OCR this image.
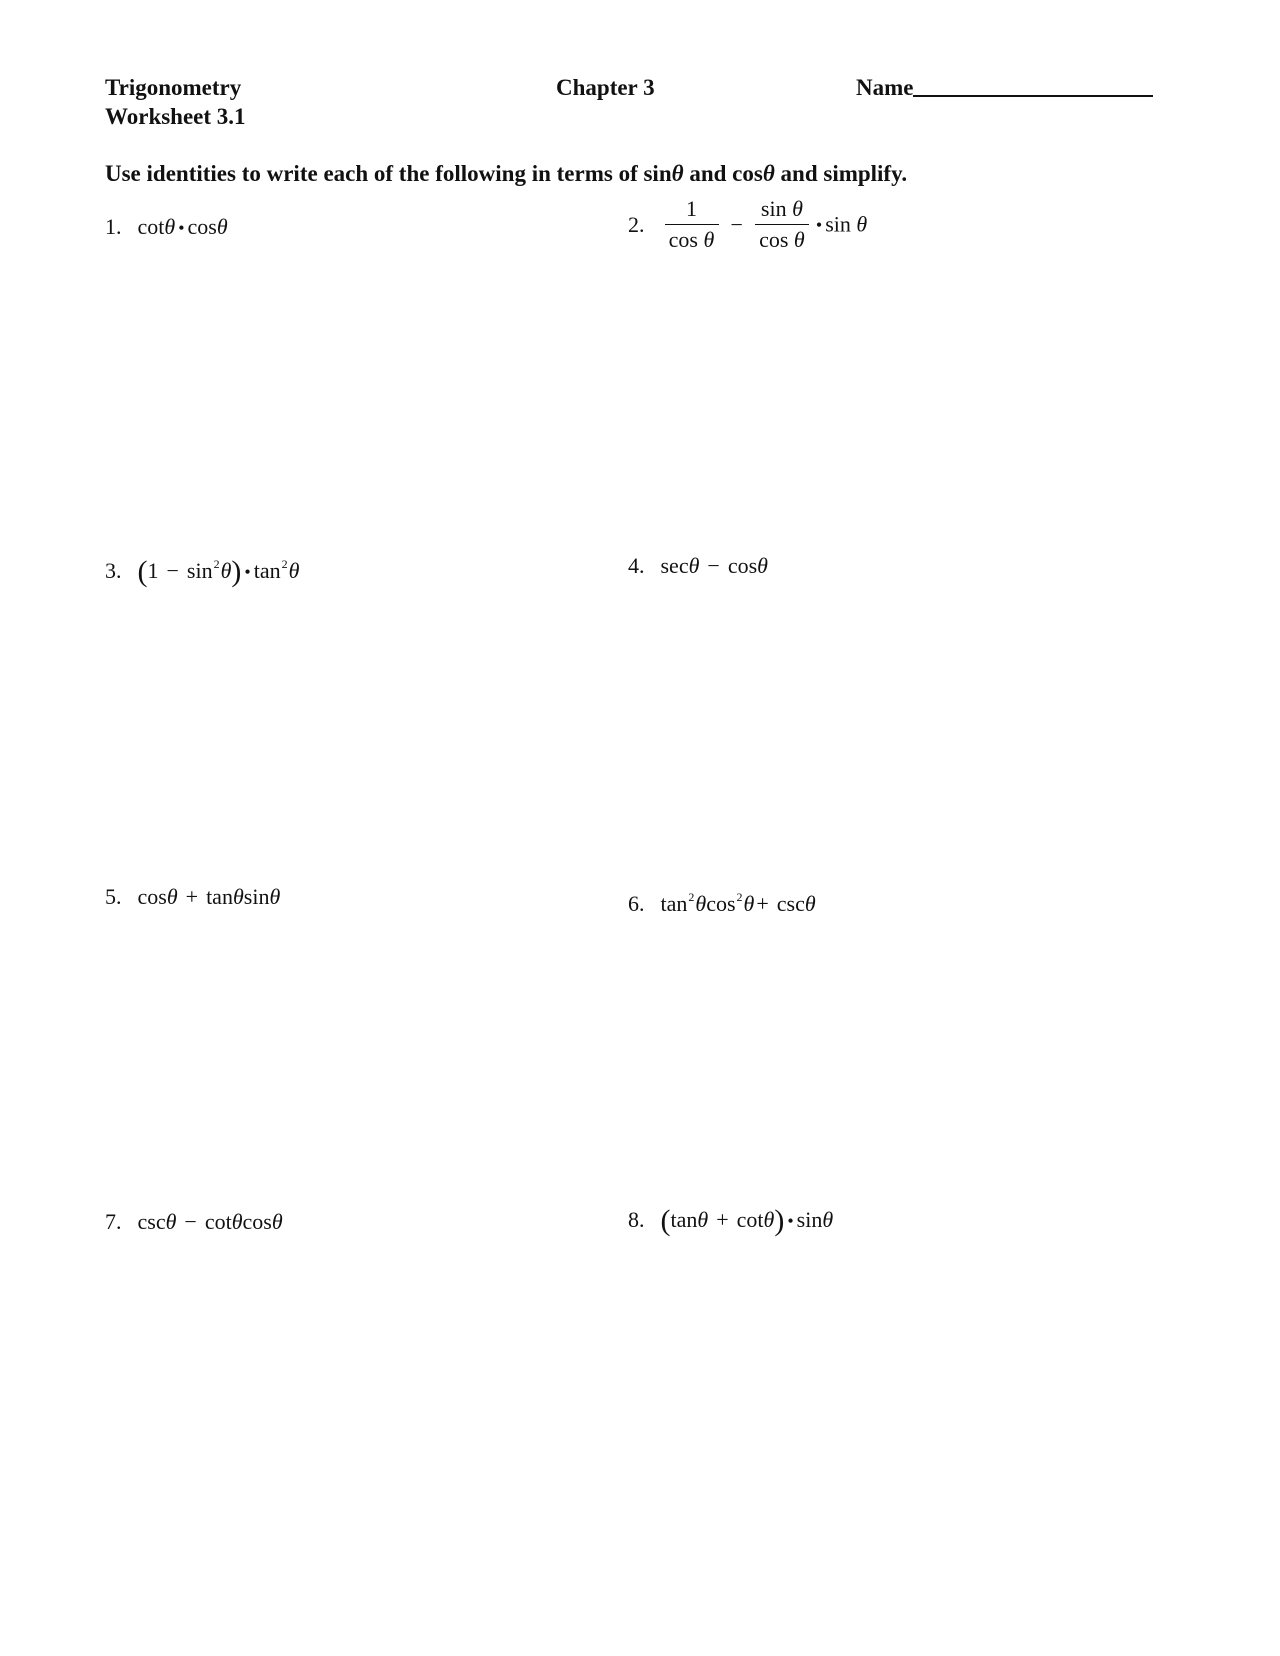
Trigonometry
Worksheet 3.1
Chapter 3	Name
Use identities to write each of the following in terms of sinθ and cosθ and simplify.
1. cotθ • cosθ	2. $\frac{1}{\text{cos θ}} - \frac{\text{sin θ}}{\text{cos θ}}$ • sin θ
3. $(1 - \sin^2\theta)$ • $\tan^2\theta$	4. secθ − cosθ
5. cosθ + tanθsinθ	6. $\tan^2\theta\cos^2\theta+ \csc\theta$
7. cscθ − cotθcosθ	8. (tanθ + cotθ) • sinθ
